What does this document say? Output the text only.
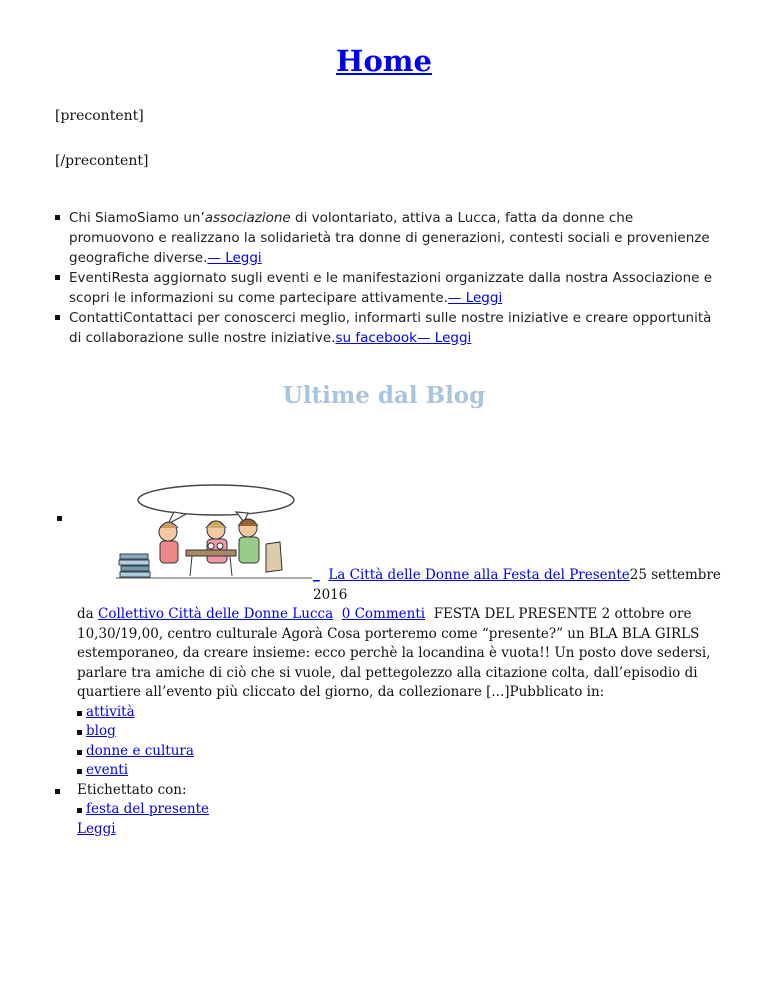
Home
[precontent]
[/precontent]
Chi SiamoSiamo un’associazione di volontariato, attiva a Lucca, fatta da donne che promuovono e realizzano la solidarietà tra donne di generazioni, contesti sociali e provenienze geografiche diverse.— Leggi
EventiResta aggiornato sugli eventi e le manifestazioni organizzate dalla nostra Associazione e scopri le informazioni su come partecipare attivamente.— Leggi
ContattiContattaci per conoscerci meglio, informarti sulle nostre iniziative e creare opportunità di collaborazione sulle nostre iniziative.su facebook— Leggi
Ultime dal Blog
_ La Città delle Donne alla Festa del Presente25 settembre 2016
da Collettivo Città delle Donne Lucca 0 Commenti FESTA DEL PRESENTE 2 ottobre ore 10,30/19,00, centro culturale Agorà Cosa porteremo come “presente?” un BLA BLA GIRLS estemporaneo, da creare insieme: ecco perchè la locandina è vuota!! Un posto dove sedersi, parlare tra amiche di ciò che si vuole, dal pettegolezzo alla citazione colta, dall’episodio di quartiere all’evento più cliccato del giorno, da collezionare [...]Pubblicato in:
attività
blog
donne e cultura
eventi
Etichettato con:
festa del presente
Leggi
